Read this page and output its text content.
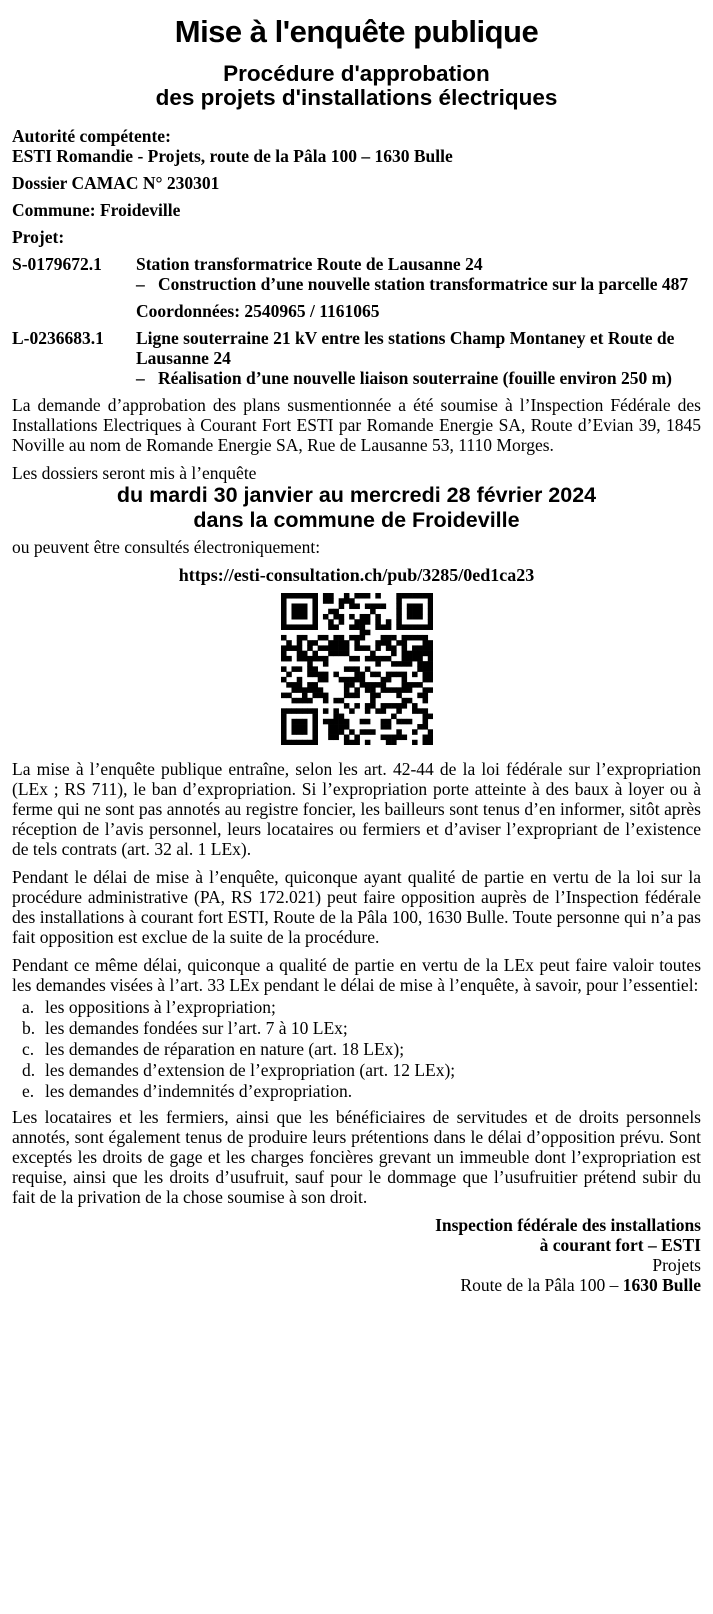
Mise à l'enquête publique
Procédure d'approbation
des projets d'installations électriques
Autorité compétente:
ESTI Romandie - Projets, route de la Pâla 100 – 1630 Bulle
Dossier CAMAC N° 230301
Commune: Froideville
Projet:
S-0179672.1	Station transformatrice Route de Lausanne 24
– Construction d’une nouvelle station transformatrice sur la parcelle 487
Coordonnées: 2540965 / 1161065
L-0236683.1	Ligne souterraine 21 kV entre les stations Champ Montaney et Route de Lausanne 24
– Réalisation d’une nouvelle liaison souterraine (fouille environ 250 m)

La demande d’approbation des plans susmentionnée a été soumise à l’Inspection Fédérale des Installations Electriques à Courant Fort ESTI par Romande Energie SA, Route d’Evian 39, 1845 Noville au nom de Romande Energie SA, Rue de Lausanne 53, 1110 Morges.

Les dossiers seront mis à l’enquête
du mardi 30 janvier au mercredi 28 février 2024
dans la commune de Froideville
ou peuvent être consultés électroniquement:
https://esti-consultation.ch/pub/3285/0ed1ca23

La mise à l’enquête publique entraîne, selon les art. 42-44 de la loi fédérale sur l’expropriation (LEx ; RS 711), le ban d’expropriation. Si l’expropriation porte atteinte à des baux à loyer ou à ferme qui ne sont pas annotés au registre foncier, les bailleurs sont tenus d’en informer, sitôt après réception de l’avis personnel, leurs locataires ou fermiers et d’aviser l’expropriant de l’existence de tels contrats (art. 32 al. 1 LEx).

Pendant le délai de mise à l’enquête, quiconque ayant qualité de partie en vertu de la loi sur la procédure administrative (PA, RS 172.021) peut faire opposition auprès de l’Inspection fédérale des installations à courant fort ESTI, Route de la Pâla 100, 1630 Bulle. Toute personne qui n’a pas fait opposition est exclue de la suite de la procédure.

Pendant ce même délai, quiconque a qualité de partie en vertu de la LEx peut faire valoir toutes les demandes visées à l’art. 33 LEx pendant le délai de mise à l’enquête, à savoir, pour l’essentiel:

a. les oppositions à l’expropriation;
b. les demandes fondées sur l’art. 7 à 10 LEx;
c. les demandes de réparation en nature (art. 18 LEx);
d. les demandes d’extension de l’expropriation (art. 12 LEx);
e. les demandes d’indemnités d’expropriation.

Les locataires et les fermiers, ainsi que les bénéficiaires de servitudes et de droits personnels annotés, sont également tenus de produire leurs prétentions dans le délai d’opposition prévu. Sont exceptés les droits de gage et les charges foncières grevant un immeuble dont l’expropriation est requise, ainsi que les droits d’usufruit, sauf pour le dommage que l’usufruitier prétend subir du fait de la privation de la chose soumise à son droit.

Inspection fédérale des installations
à courant fort – ESTI
Projets
Route de la Pâla 100 – 1630 Bulle
